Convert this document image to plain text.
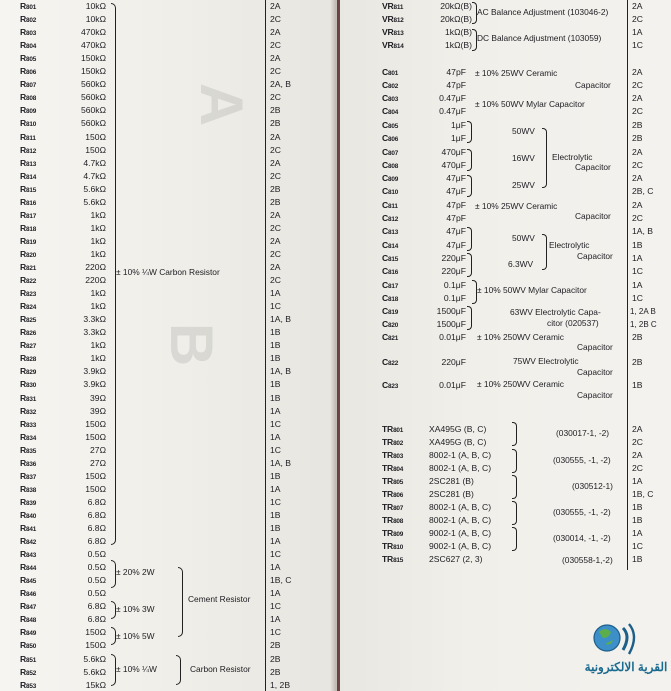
A
B
R801	10kΩ	2A
R802	10kΩ	2C
R803	470kΩ	2A
R804	470kΩ	2C
R805	150kΩ	2A
R806	150kΩ	2C
R807	560kΩ	2A, B
R808	560kΩ	2C
R809	560kΩ	2B
R810	560kΩ	2B
R811	150Ω	2A
R812	150Ω	2C
R813	4.7kΩ	2A
R814	4.7kΩ	2C
R815	5.6kΩ	2B
R816	5.6kΩ	2B
R817	1kΩ	2A
R818	1kΩ	2C
R819	1kΩ	2A
R820	1kΩ	2C
R821	220Ω	2A
R822	220Ω	2C
R823	1kΩ	1A
R824	1kΩ	1C
R825	3.3kΩ	1A, B
R826	3.3kΩ	1B
R827	1kΩ	1B
R828	1kΩ	1B
R829	3.9kΩ	1A, B
R830	3.9kΩ	1B
R831	39Ω	1B
R832	39Ω	1A
R833	150Ω	1C
R834	150Ω	1A
R835	27Ω	1C
R836	27Ω	1A, B
R837	150Ω	1B
R838	150Ω	1A
R839	6.8Ω	1C
R840	6.8Ω	1B
R841	6.8Ω	1B
R842	6.8Ω	1A
R843	0.5Ω	1C
R844	0.5Ω	1A
R845	0.5Ω	1B, C
R846	0.5Ω	1A
R847	6.8Ω	1C
R848	6.8Ω	1A
R849	150Ω	1C
R850	150Ω	2B
R851	5.6kΩ	2B
R852	5.6kΩ	2B
R853	15kΩ	1, 2B
± 10% ¼W Carbon Resistor
± 20% 2W
Cement Resistor
± 10% 3W
± 10% 5W
± 10% ¼W	Carbon Resistor
VR811	20kΩ(B)	2A
VR812	20kΩ(B)	2C
VR813	1kΩ(B)	1A
VR814	1kΩ(B)	1C
AC Balance Adjustment (103046-2)
DC Balance Adjustment (103059)
C801	47pF	2A
C802	47pF	2C
C803	0.47μF	2A
C804	0.47μF	2C
C805	1μF	2B
C806	1μF	2B
C807	470μF	2A
C808	470μF	2C
C809	47μF	2A
C810	47μF	2B, C
C811	47pF	2A
C812	47pF	2C
C813	47μF	1A, B
C814	47μF	1B
C815	220μF	1A
C816	220μF	1C
C817	0.1μF	1A
C818	0.1μF	1C
C819	1500μF	1, 2A B
C820	1500μF	1, 2B C
C821	0.01μF	2B
C822	220μF	2B
C823	0.01μF	1B
± 10% 25WV Ceramic
Capacitor
± 10% 50WV Mylar Capacitor
50WV
16WV
25WV
Electrolytic
Capacitor
± 10% 25WV Ceramic
Capacitor
50WV
6.3WV
Electrolytic
Capacitor
± 10% 50WV Mylar Capacitor
63WV Electrolytic Capa-
citor (020537)
± 10% 250WV Ceramic
Capacitor
75WV Electrolytic
Capacitor
± 10% 250WV Ceramic
Capacitor
TR801	XA495G (B, C)	2A
TR802	XA495G (B, C)	2C
TR803	8002-1 (A, B, C)	2A
TR804	8002-1 (A, B, C)	2C
TR805	2SC281 (B)	1A
TR806	2SC281 (B)	1B, C
TR807	8002-1 (A, B, C)	1B
TR808	8002-1 (A, B, C)	1B
TR809	9002-1 (A, B, C)	1A
TR810	9002-1 (A, B, C)	1C
TR815	2SC627 (2, 3)	1B
(030017-1, -2)
(030555, -1, -2)
(030512-1)
(030555, -1, -2)
(030014, -1, -2)
(030558-1,-2)
القرية الالكترونية
